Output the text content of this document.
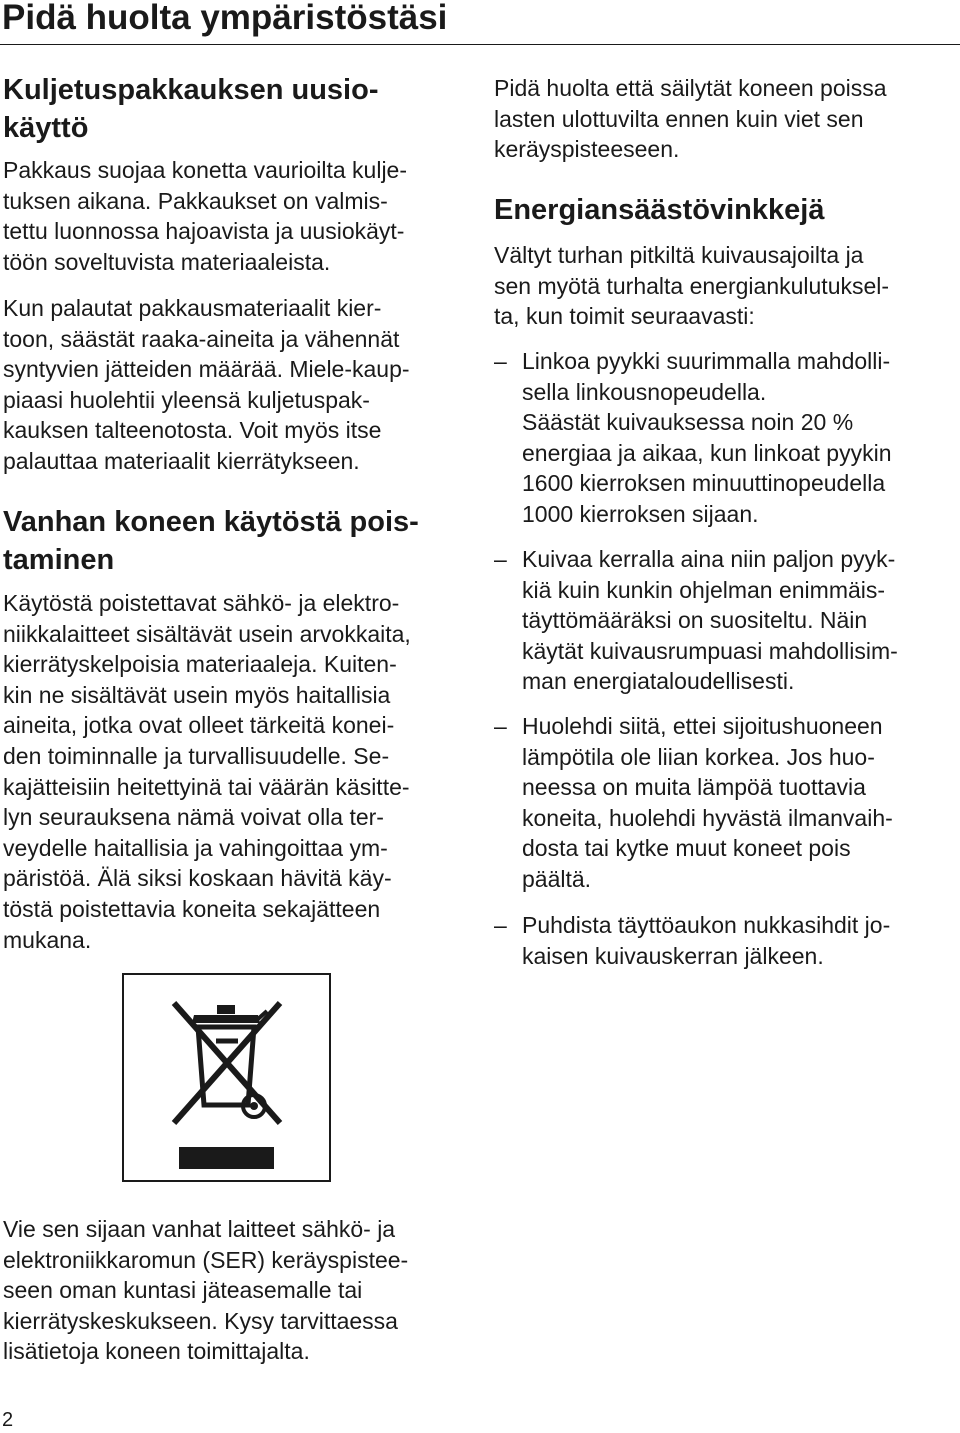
Pidä huolta ympäristöstäsi
Kuljetuspakkauksen uusio-
käyttö

Pakkaus suojaa konetta vaurioilta kulje-
tuksen aikana. Pakkaukset on valmis-
tettu luonnossa hajoavista ja uusiokäyt-
töön soveltuvista materiaaleista.

Kun palautat pakkausmateriaalit kier-
toon, säästät raaka-aineita ja vähennät
syntyvien jätteiden määrää. Miele-kaup-
piaasi huolehtii yleensä kuljetuspak-
kauksen talteenotosta. Voit myös itse
palauttaa materiaalit kierrätykseen.

Vanhan koneen käytöstä pois-
taminen

Käytöstä poistettavat sähkö- ja elektro-
niikkalaitteet sisältävät usein arvokkaita,
kierrätyskelpoisia materiaaleja. Kuiten-
kin ne sisältävät usein myös haitallisia
aineita, jotka ovat olleet tärkeitä konei-
den toiminnalle ja turvallisuudelle. Se-
kajätteisiin heitettyinä tai väärän käsitte-
lyn seurauksena nämä voivat olla ter-
veydelle haitallisia ja vahingoittaa ym-
päristöä. Älä siksi koskaan hävitä käy-
töstä poistettavia koneita sekajätteen
mukana.

Vie sen sijaan vanhat laitteet sähkö- ja
elektroniikkaromun (SER) keräyspistee-
seen oman kuntasi jäteasemalle tai
kierrätyskeskukseen. Kysy tarvittaessa
lisätietoja koneen toimittajalta.

Pidä huolta että säilytät koneen poissa
lasten ulottuvilta ennen kuin viet sen
keräyspisteeseen.

Energiansäästövinkkejä

Vältyt turhan pitkiltä kuivausajoilta ja
sen myötä turhalta energiankulutuksel-
ta, kun toimit seuraavasti:

– Linkoa pyykki suurimmalla mahdolli-
sella linkousnopeudella.
Säästät kuivauksessa noin 20 %
energiaa ja aikaa, kun linkoat pyykin
1600 kierroksen minuuttinopeudella
1000 kierroksen sijaan.
– Kuivaa kerralla aina niin paljon pyyk-
kiä kuin kunkin ohjelman enimmäis-
täyttömääräksi on suositeltu. Näin
käytät kuivausrumpuasi mahdollisim-
man energiataloudellisesti.
– Huolehdi siitä, ettei sijoitushuoneen
lämpötila ole liian korkea. Jos huo-
neessa on muita lämpöä tuottavia
koneita, huolehdi hyvästä ilmanvaih-
dosta tai kytke muut koneet pois
päältä.
– Puhdista täyttöaukon nukkasihdit jo-
kaisen kuivauskerran jälkeen.
2
